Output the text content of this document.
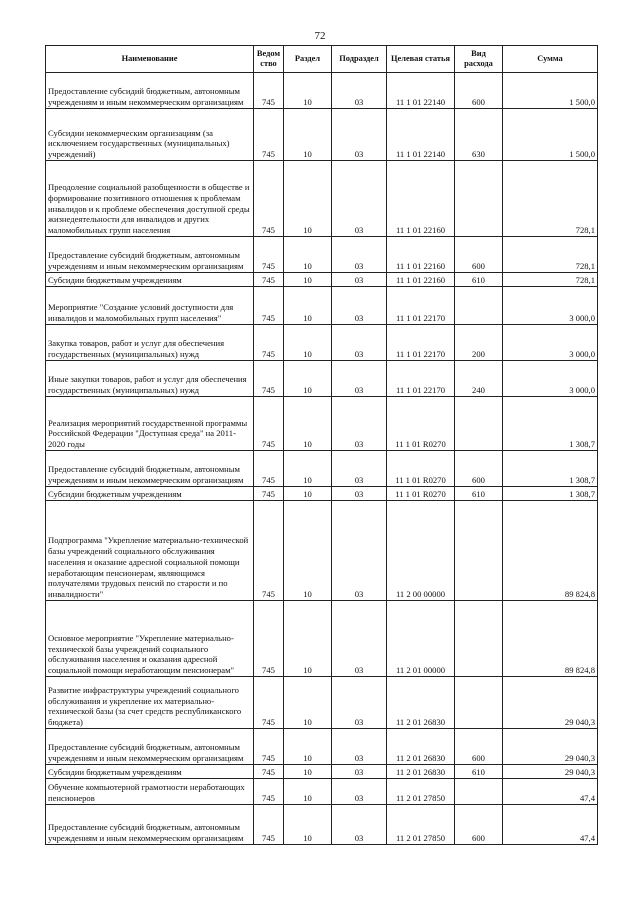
72
Наименование	Ведом ство	Раздел	Подраздел	Целевая статья	Вид расхода	Сумма
Предоставление субсидий бюджетным, автономным учреждениям и иным некоммерческим организациям	745	10	03	11 1 01 22140	600	1 500,0
Субсидии некоммерческим организациям (за исключением государственных (муниципальных) учреждений)	745	10	03	11 1 01 22140	630	1 500,0
Преодоление социальной разобщенности в обществе и формирование позитивного отношения к проблемам инвалидов и к проблеме обеспечения доступной среды жизнедеятельности для инвалидов и других маломобильных групп населения	745	10	03	11 1 01 22160		728,1
Предоставление субсидий бюджетным, автономным учреждениям и иным некоммерческим организациям	745	10	03	11 1 01 22160	600	728,1
Субсидии бюджетным учреждениям	745	10	03	11 1 01 22160	610	728,1
Мероприятие "Создание условий доступности для инвалидов и маломобильных групп населения"	745	10	03	11 1 01 22170		3 000,0
Закупка товаров, работ и услуг для обеспечения государственных (муниципальных) нужд	745	10	03	11 1 01 22170	200	3 000,0
Иные закупки товаров, работ и услуг для обеспечения государственных (муниципальных) нужд	745	10	03	11 1 01 22170	240	3 000,0
Реализация мероприятий государственной программы Российской Федерации "Доступная среда" на 2011-2020 годы	745	10	03	11 1 01 R0270		1 308,7
Предоставление субсидий бюджетным, автономным учреждениям и иным некоммерческим организациям	745	10	03	11 1 01 R0270	600	1 308,7
Субсидии бюджетным учреждениям	745	10	03	11 1 01 R0270	610	1 308,7
Подпрограмма "Укрепление материально-технической базы учреждений социального обслуживания населения и оказание адресной социальной помощи неработающим пенсионерам, являющимся получателями трудовых пенсий по старости и по инвалидности"	745	10	03	11 2 00 00000		89 824,8
Основное мероприятие "Укрепление материально-технической базы учреждений социального обслуживания населения и оказания адресной социальной помощи неработающим пенсионерам"	745	10	03	11 2 01 00000		89 824,8
Развитие инфраструктуры учреждений социального обслуживания и укрепление их материально-технической базы (за счет средств республиканского бюджета)	745	10	03	11 2 01 26830		29 040,3
Предоставление субсидий бюджетным, автономным учреждениям и иным некоммерческим организациям	745	10	03	11 2 01 26830	600	29 040,3
Субсидии бюджетным учреждениям	745	10	03	11 2 01 26830	610	29 040,3
Обучение компьютерной грамотности неработающих пенсионеров	745	10	03	11 2 01 27850		47,4
Предоставление субсидий бюджетным, автономным учреждениям и иным некоммерческим организациям	745	10	03	11 2 01 27850	600	47,4
